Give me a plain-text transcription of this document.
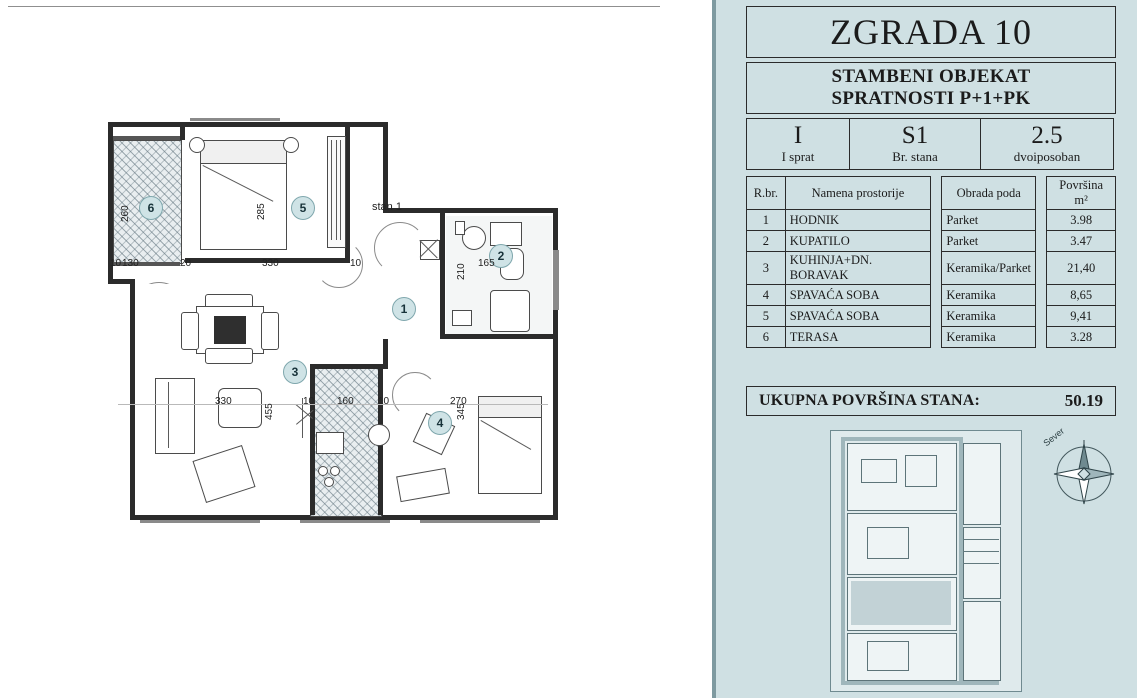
1
2
3
4
5
6	stan 1
260	285
10 130	20	330	10	210 165
330
455
10 160 10	270
345
ZGRADA 10
STAMBENI OBJEKAT
SPRATNOSTI P+1+PK
I
I sprat
S1
Br. stana
2.5
dvoiposoban
R.br.	Namena prostorije		Obrada poda		Površina m²
1	HODNIK		Parket		3.98
2	KUPATILO		Parket		3.47
3	KUHINJA+DN. BORAVAK		Keramika/Parket		21,40
4	SPAVAĆA SOBA		Keramika		8,65
5	SPAVAĆA SOBA		Keramika		9,41
6	TERASA		Keramika		3.28
UKUPNA POVRŠINA STANA:	50.19
Sever
